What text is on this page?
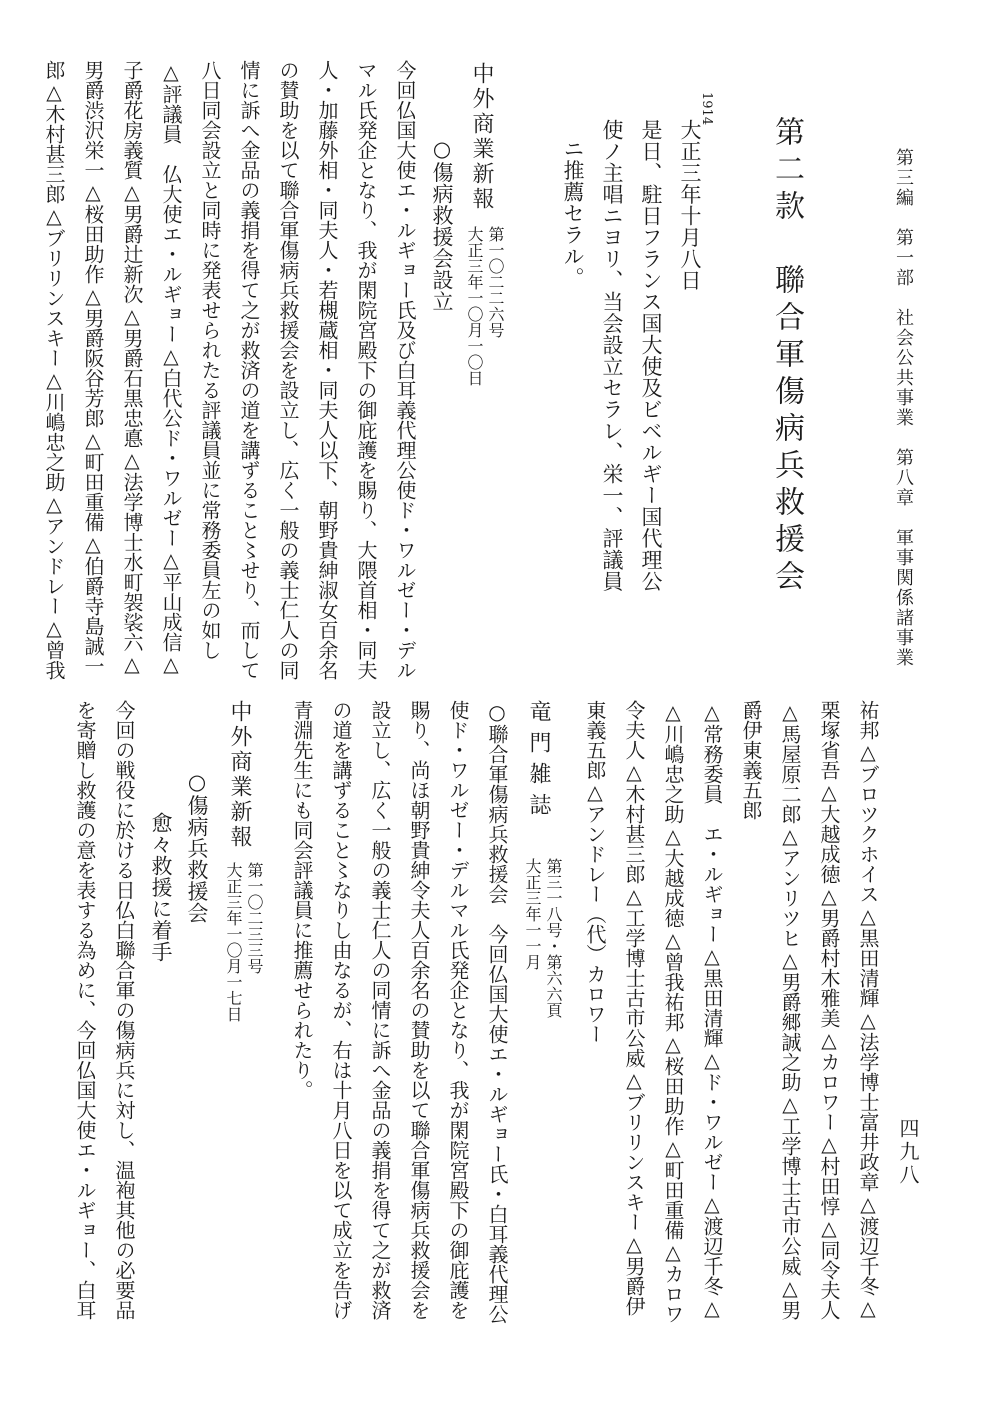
第三編　第一部　社会公共事業　第八章　軍事関係諸事業
四九八
第二款　聯合軍傷病兵救援会
1914
大正三年十月八日
是日、駐日フランス国大使及ビベルギー国代理公
使ノ主唱ニヨリ、当会設立セラレ、栄一、評議員
ニ推薦セラル。
中外商業新報
第一〇二二六号
大正三年一〇月一〇日
○傷病救援会設立
今回仏国大使エ・ルギョー氏及び白耳義代理公使ド・ワルゼー・デル
マル氏発企となり、我が閑院宮殿下の御庇護を賜り、大隈首相・同夫
人・加藤外相・同夫人・若槻蔵相・同夫人以下、朝野貴紳淑女百余名
の賛助を以て聯合軍傷病兵救援会を設立し、広く一般の義士仁人の同
情に訴へ金品の義捐を得て之が救済の道を講ずること〻せり、而して
八日同会設立と同時に発表せられたる評議員並に常務委員左の如し
△評議員　仏大使エ・ルギョー△白代公ド・ワルゼー△平山成信△
子爵花房義質△男爵辻新次△男爵石黒忠悳△法学博士水町袈裟六△
男爵渋沢栄一△桜田助作△男爵阪谷芳郎△町田重備△伯爵寺島誠一
郎△木村甚三郎△ブリリンスキー△川嶋忠之助△アンドレー△曾我
祐邦△ブロツクホイス△黒田清輝△法学博士富井政章△渡辺千冬△
栗塚省吾△大越成徳△男爵村木雅美△カロワー△村田惇△同令夫人
△馬屋原二郎△アンリツヒ△男爵郷誠之助△工学博士古市公威△男
爵伊東義五郎
△常務委員　エ・ルギョー△黒田清輝△ド・ワルゼー△渡辺千冬△
△川嶋忠之助△大越成徳△曾我祐邦△桜田助作△町田重備△カロワ
令夫人△木村甚三郎△工学博士古市公威△ブリリンスキー△男爵伊
東義五郎△アンドレー（代）カロワー
竜門雑誌
第三一八号・第六六頁
大正三年一一月
○聯合軍傷病兵救援会　今回仏国大使エ・ルギョー氏・白耳義代理公
使ド・ワルゼー・デルマル氏発企となり、我が閑院宮殿下の御庇護を
賜り、尚ほ朝野貴紳令夫人百余名の賛助を以て聯合軍傷病兵救援会を
設立し、広く一般の義士仁人の同情に訴へ金品の義捐を得て之が救済
の道を講ずること〻なりし由なるが、右は十月八日を以て成立を告げ
青淵先生にも同会評議員に推薦せられたり。
中外商業新報
第一〇二三三号
大正三年一〇月一七日
○傷病兵救援会
愈々救援に着手
今回の戦役に於ける日仏白聯合軍の傷病兵に対し、温袍其他の必要品
を寄贈し救護の意を表する為めに、今回仏国大使エ・ルギョー、白耳
